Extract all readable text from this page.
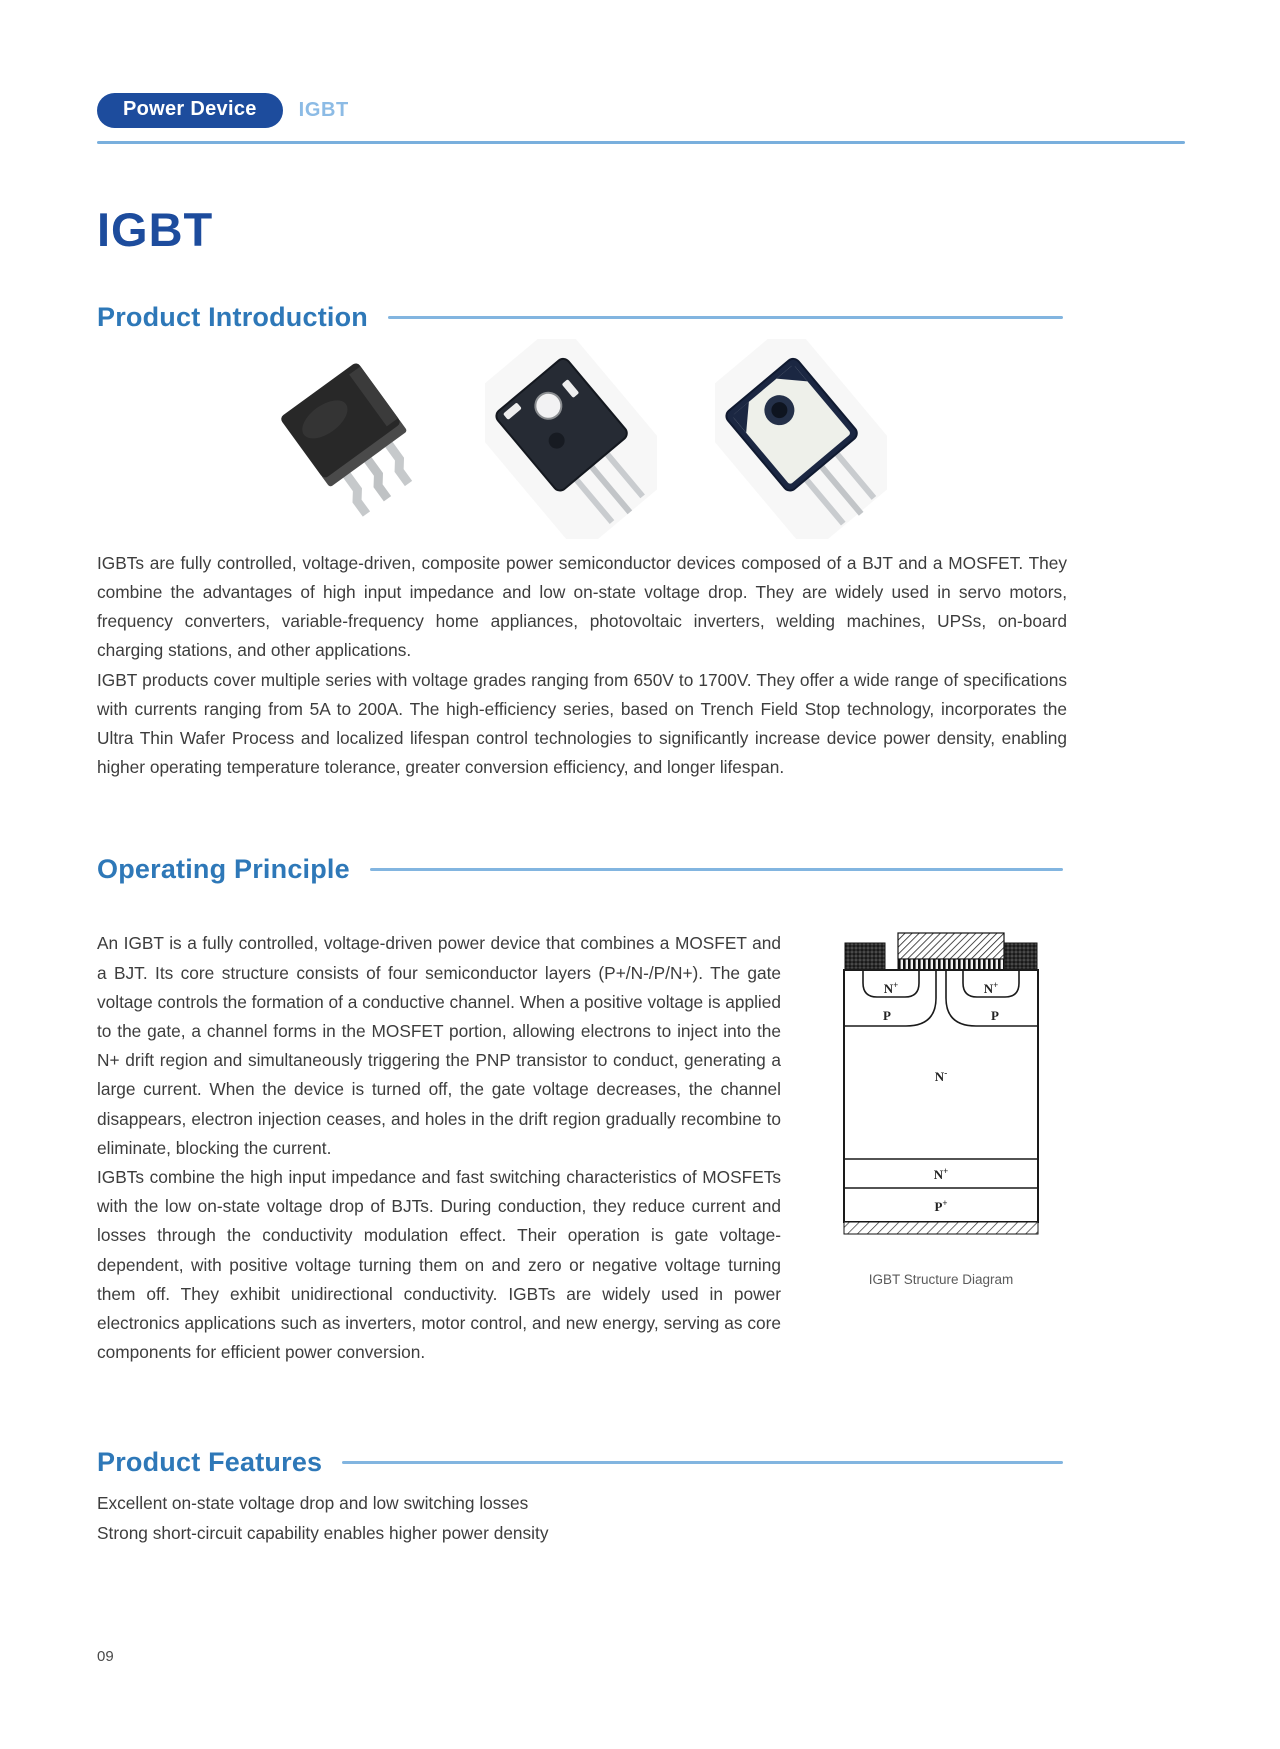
Power Device	IGBT
IGBT
Product Introduction

IGBTs are fully controlled, voltage-driven, composite power semiconductor devices composed of a BJT and a MOSFET. They combine the advantages of high input impedance and low on-state voltage drop. They are widely used in servo motors, frequency converters, variable-frequency home appliances, photovoltaic inverters, welding machines, UPSs, on-board charging stations, and other applications.

IGBT products cover multiple series with voltage grades ranging from 650V to 1700V. They offer a wide range of specifications with currents ranging from 5A to 200A. The high-efficiency series, based on Trench Field Stop technology, incorporates the Ultra Thin Wafer Process and localized lifespan control technologies to significantly increase device power density, enabling higher operating temperature tolerance, greater conversion efficiency, and longer lifespan.

Operating Principle
N+
P
N+
P
N-
N+
P+
IGBT Structure Diagram

An IGBT is a fully controlled, voltage-driven power device that combines a MOSFET and a BJT. Its core structure consists of four semiconductor layers (P+/N-/P/N+). The gate voltage controls the formation of a conductive channel. When a positive voltage is applied to the gate, a channel forms in the MOSFET portion, allowing electrons to inject into the N+ drift region and simultaneously triggering the PNP transistor to conduct, generating a large current. When the device is turned off, the gate voltage decreases, the channel disappears, electron injection ceases, and holes in the drift region gradually recombine to eliminate, blocking the current.

IGBTs combine the high input impedance and fast switching characteristics of MOSFETs with the low on-state voltage drop of BJTs. During conduction, they reduce current and losses through the conductivity modulation effect. Their operation is gate voltage-dependent, with positive voltage turning them on and zero or negative voltage turning them off. They exhibit unidirectional conductivity. IGBTs are widely used in power electronics applications such as inverters, motor control, and new energy, serving as core components for efficient power conversion.

Product Features

Excellent on-state voltage drop and low switching losses

Strong short-circuit capability enables higher power density

09
